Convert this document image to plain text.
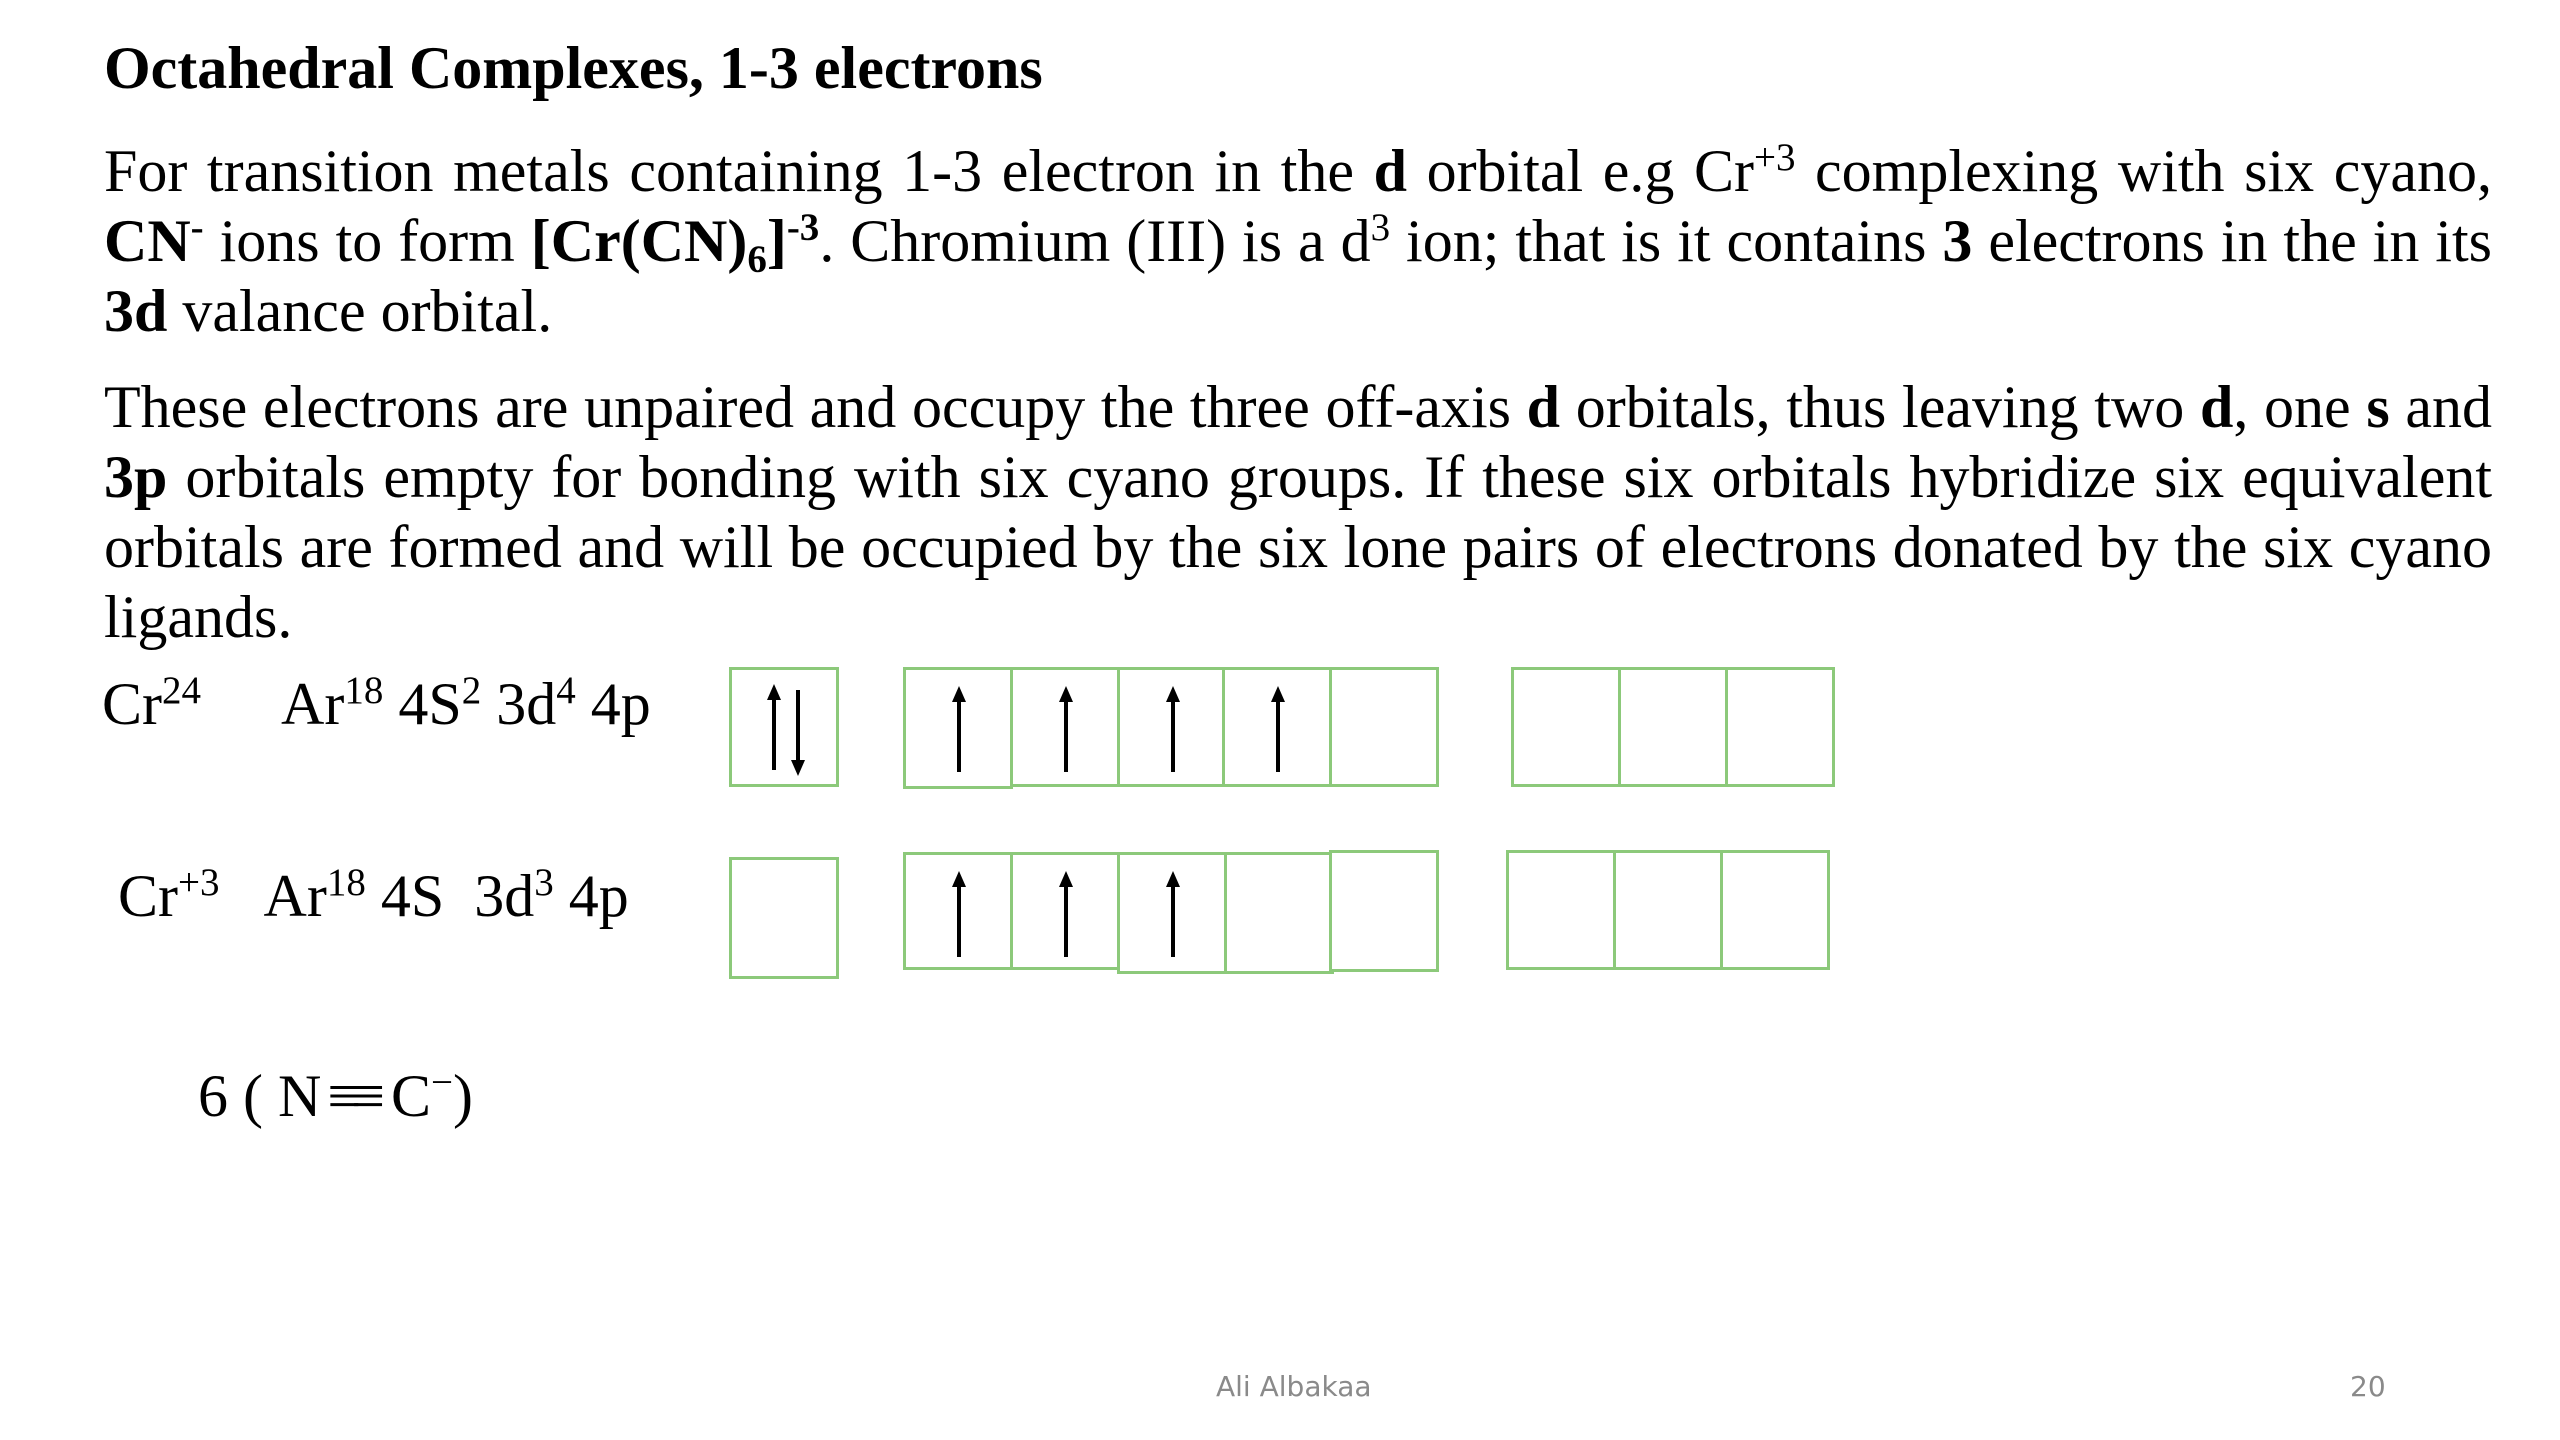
Octahedral Complexes, 1-3 electrons

For transition metals containing 1-3 electron in the d orbital e.g $Cr^{+3}$ complexing with six cyano, CN- ions to form $[Cr(CN)_6]^{-3}$. Chromium (III) is a $d^3$ ion; that is it contains 3 electrons in the in its 3d valance orbital.

These electrons are unpaired and occupy the three off-axis d orbitals, thus leaving two d, one s and 3p orbitals empty for bonding with six cyano groups. If these six orbitals hybridize six equivalent orbitals are formed and will be occupied by the six lone pairs of electrons donated by the six cyano ligands.

Cr$^{24}$ Ar$^{18}$ $4S^2$ $3d^4$ 4p
$Cr^{+3}$ Ar$^{18}$ 4S $3d^3$ 4p
6 ( N ≡≡ C−)
Ali Albakaa	20
